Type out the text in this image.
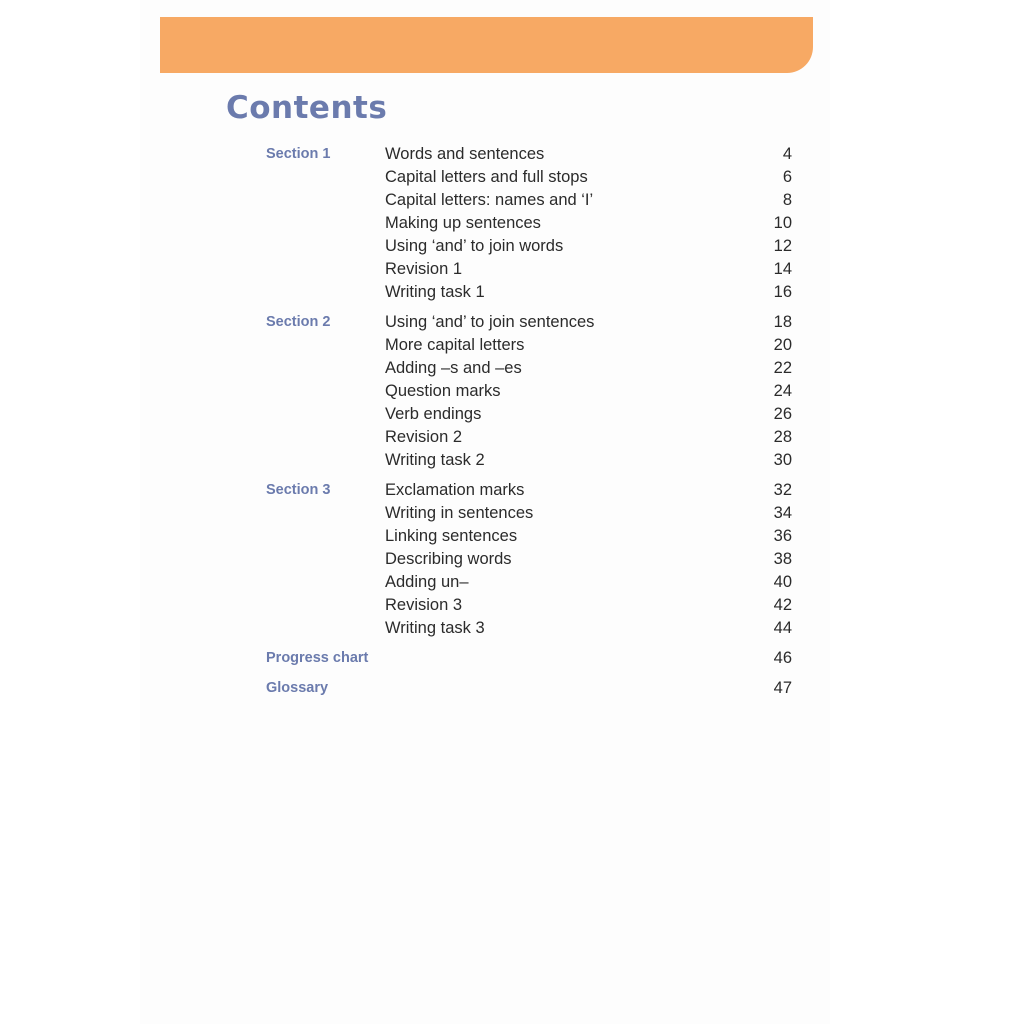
Contents
Section 1	Words and sentences	4
Capital letters and full stops	6
Capital letters: names and ‘I’	8
Making up sentences	10
Using ‘and’ to join words	12
Revision 1	14
Writing task 1	16
Section 2	Using ‘and’ to join sentences	18
More capital letters	20
Adding –s and –es	22
Question marks	24
Verb endings	26
Revision 2	28
Writing task 2	30
Section 3	Exclamation marks	32
Writing in sentences	34
Linking sentences	36
Describing words	38
Adding un–	40
Revision 3	42
Writing task 3	44
Progress chart	46
Glossary	47
